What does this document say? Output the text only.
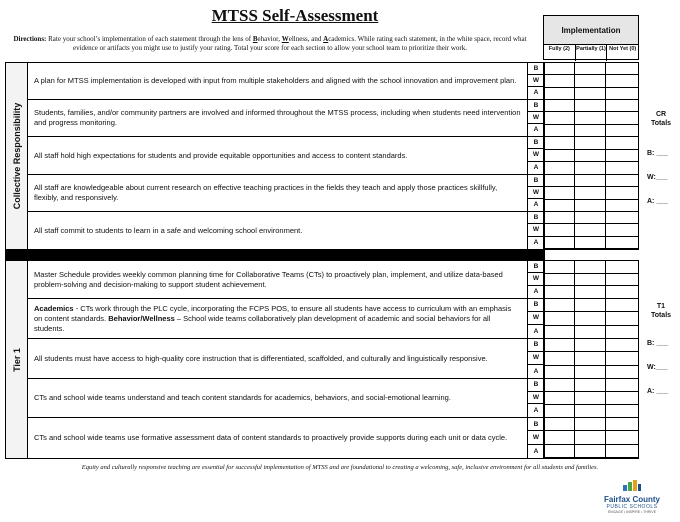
MTSS Self-Assessment
Directions: Rate your school’s implementation of each statement through the lens of Behavior, Wellness, and Academics. While rating each statement, in the white space, record what evidence or artifacts you might use to justify your rating. Total your score for each section to allow your school team to prioritize their work.
Implementation
Fully (2)	Partially (1) Not Yet (0)
Collective Responsibility
A plan for MTSS implementation is developed with input from multiple stakeholders and aligned with the school innovation and improvement plan.
B
W
A
Students, families, and/or community partners are involved and informed throughout the MTSS process, including when students need intervention and progress monitoring.
B
W
A
All staff hold high expectations for students and provide equitable opportunities and access to content standards.
B
W
A
All staff are knowledgeable about current research on effective teaching practices in the fields they teach and apply those practices skillfully, flexibly, and responsively.
B
W
A
All staff commit to students to learn in a safe and welcoming school environment.
B
W
A
Tier 1
Master Schedule provides weekly common planning time for Collaborative Teams (CTs) to proactively plan, implement, and utilize data-based problem-solving and decision-making to support student achievement.
B
W
A
Academics - CTs work through the PLC cycle, incorporating the FCPS POS, to ensure all students have access to curriculum with an emphasis on content standards. Behavior/Wellness – School wide teams collaboratively plan development of academic and social behaviors for all students.
B
W
A
All students must have access to high-quality core instruction that is differentiated, scaffolded, and culturally and linguistically responsive.
B
W
A
CTs and school wide teams understand and teach content standards for academics, behaviors, and social-emotional learning.
B
W
A
CTs and school wide teams use formative assessment data of content standards to proactively provide supports during each unit or data cycle.
B
W
A
CR
Totals
B: ___
W:___
A: ___
T1
Totals
B: ___
W:___
A: ___
Equity and culturally responsive teaching are essential for successful implementation of MTSS and are foundational to creating a welcoming, safe, inclusive environment for all students and families.
Fairfax County
PUBLIC SCHOOLS
ENGAGE • INSPIRE • THRIVE
